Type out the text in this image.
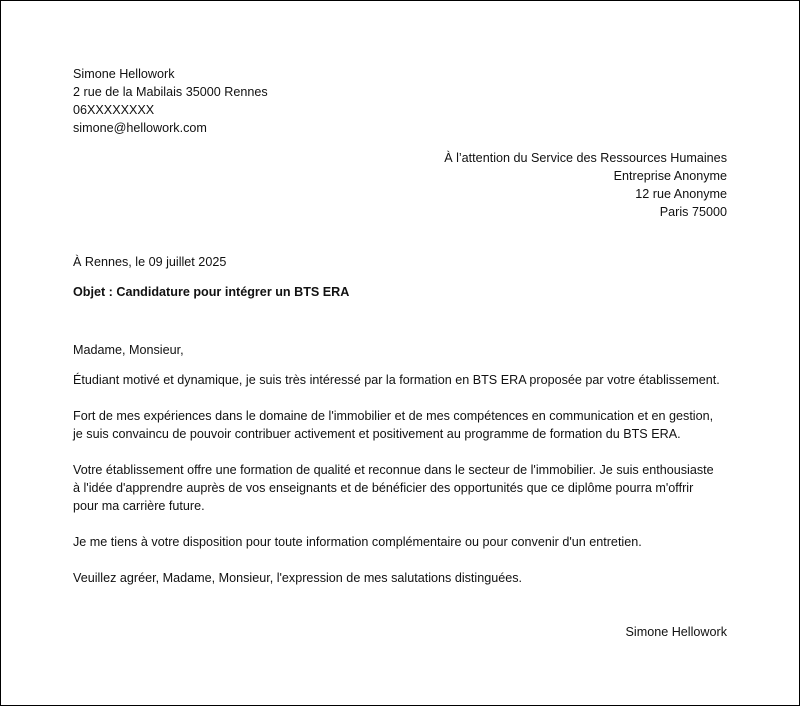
Simone Hellowork
2 rue de la Mabilais 35000 Rennes
06XXXXXXXX
simone@hellowork.com
À l’attention du Service des Ressources Humaines
Entreprise Anonyme
12 rue Anonyme
Paris 75000
À Rennes, le 09 juillet 2025
Objet : Candidature pour intégrer un BTS ERA
Madame, Monsieur,
Étudiant motivé et dynamique, je suis très intéressé par la formation en BTS ERA proposée par votre établissement.
Fort de mes expériences dans le domaine de l'immobilier et de mes compétences en communication et en gestion,
je suis convaincu de pouvoir contribuer activement et positivement au programme de formation du BTS ERA.
Votre établissement offre une formation de qualité et reconnue dans le secteur de l'immobilier. Je suis enthousiaste
à l'idée d'apprendre auprès de vos enseignants et de bénéficier des opportunités que ce diplôme pourra m'offrir
pour ma carrière future.
Je me tiens à votre disposition pour toute information complémentaire ou pour convenir d'un entretien.
Veuillez agréer, Madame, Monsieur, l'expression de mes salutations distinguées.
Simone Hellowork
